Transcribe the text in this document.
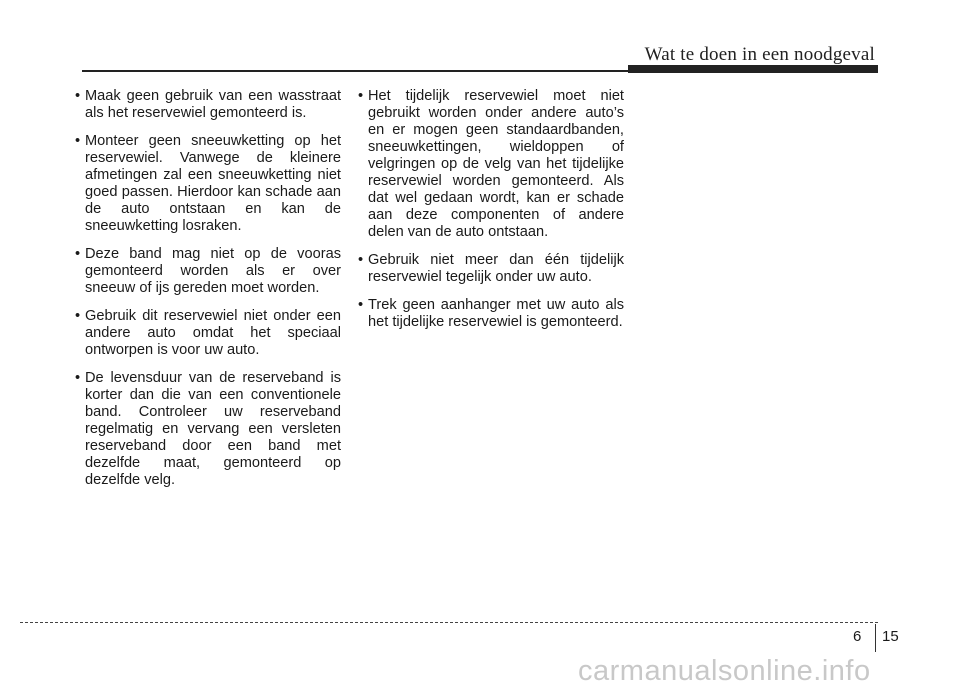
Wat te doen in een noodgeval
• Maak geen gebruik van een wasstraat als het reservewiel gemonteerd is.
• Monteer geen sneeuwketting op het reservewiel. Vanwege de kleinere afmetingen zal een sneeuwketting niet goed passen. Hierdoor kan schade aan de auto ontstaan en kan de sneeuwketting losraken.
• Deze band mag niet op de vooras gemonteerd worden als er over sneeuw of ijs gereden moet worden.
• Gebruik dit reservewiel niet onder een andere auto omdat het speciaal ontworpen is voor uw auto.
• De levensduur van de reserveband is korter dan die van een conventionele band. Controleer uw reserveband regelmatig en vervang een versleten reserveband door een band met dezelfde maat, gemonteerd op dezelfde velg.
• Het tijdelijk reservewiel moet niet gebruikt worden onder andere auto’s en er mogen geen standaardbanden, sneeuwkettingen, wieldoppen of velgringen op de velg van het tijdelijke reservewiel worden gemonteerd. Als dat wel gedaan wordt, kan er schade aan deze componenten of andere delen van de auto ontstaan.
• Gebruik niet meer dan één tijdelijk reservewiel tegelijk onder uw auto.
• Trek geen aanhanger met uw auto als het tijdelijke reservewiel is gemonteerd.
6 15
carmanualsonline.info
